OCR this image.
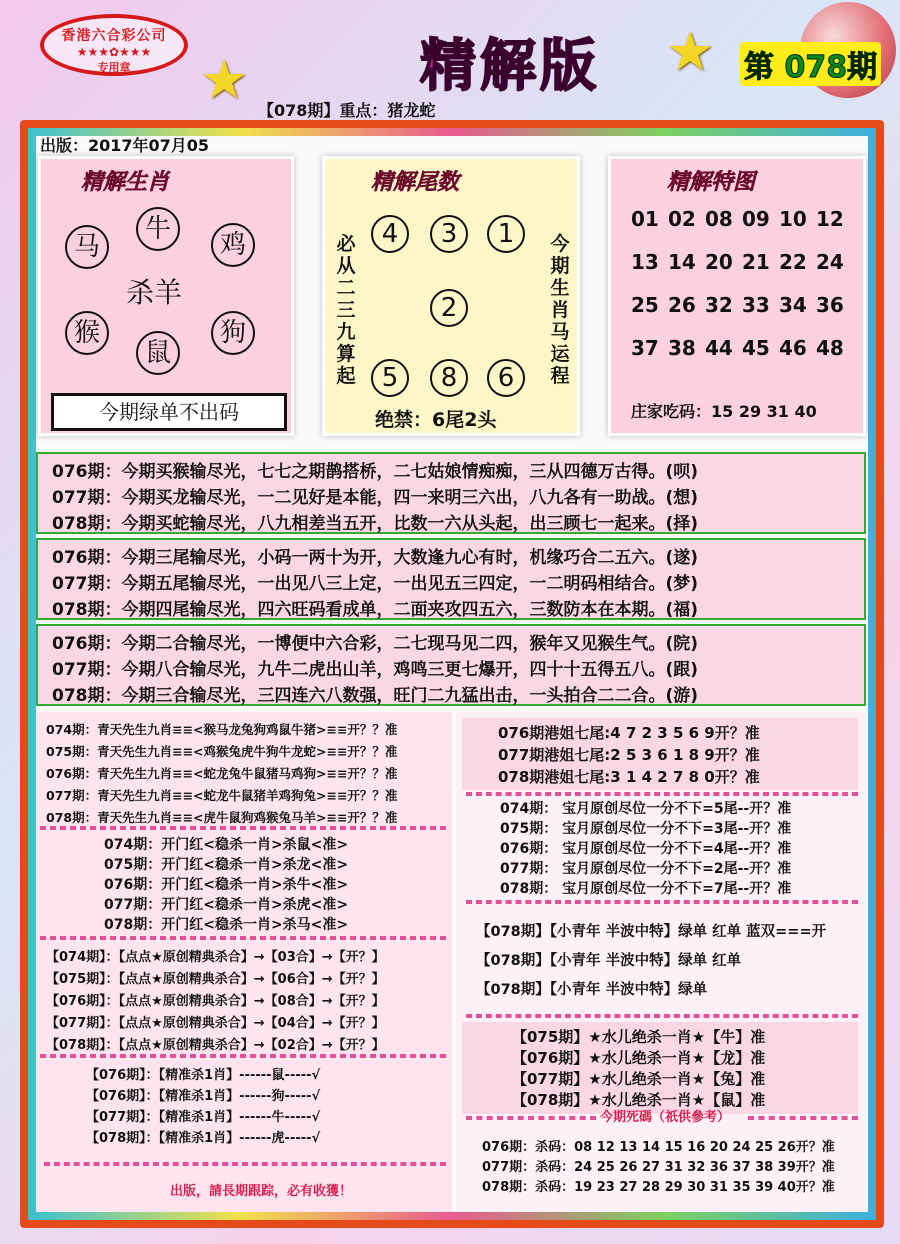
香港六合彩公司
★★★✿★★★
专用章	★	★
精解版	第 078期
【078期】重点：猪龙蛇
出版：2017年07月05
精解生肖
马
牛
鸡
猴
鼠
狗
杀羊
今期绿单不出码
精解尾数
必从二三九算起
今期生肖马运程
4	3	1
2
5	8	6
绝禁：6尾2头
精解特图
庄家吃码：15 29 31 40
01 02 08 09 10 12
13 14 20 21 22 24
25 26 32 33 34 36
37 38 44 45 46 48
076期：今期买猴输尽光，七七之期鹊搭桥，二七姑娘情痴痴，三从四德万古得。(呗)
077期：今期买龙输尽光，一二见好是本能，四一来明三六出，八九各有一助战。(想)
078期：今期买蛇输尽光，八九相差当五开，比数一六从头起，出三顾七一起来。(择)
076期：今期三尾输尽光，小码一两十为开，大数逢九心有时，机缘巧合二五六。(遂)
077期：今期五尾输尽光，一出见八三上定，一出见五三四定，一二明码相结合。(梦)
078期：今期四尾输尽光，四六旺码看成单，二面夹攻四五六，三数防本在本期。(福)
076期：今期二合输尽光，一博便中六合彩，二七现马见二四，猴年又见猴生气。(院)
077期：今期八合输尽光，九牛二虎出山羊，鸡鸣三更七爆开，四十十五得五八。(跟)
078期：今期三合输尽光，三四连六八数强，旺门二九猛出击，一头拍合二二合。(游)
074期：青天先生九肖≡≡<猴马龙兔狗鸡鼠牛猪>≡≡开？？准
075期：青天先生九肖≡≡<鸡猴兔虎牛狗牛龙蛇>≡≡开？？准
076期：青天先生九肖≡≡<蛇龙兔牛鼠猪马鸡狗>≡≡开？？准
077期：青天先生九肖≡≡<蛇龙牛鼠猪羊鸡狗兔>≡≡开？？准
078期：青天先生九肖≡≡<虎牛鼠狗鸡猴兔马羊>≡≡开？？准
074期：开门红<稳杀一肖>杀鼠<准>
075期：开门红<稳杀一肖>杀龙<准>
076期：开门红<稳杀一肖>杀牛<准>
077期：开门红<稳杀一肖>杀虎<准>
078期：开门红<稳杀一肖>杀马<准>
【074期】：【点点★原创精典杀合】→【03合】→【开？】
【075期】：【点点★原创精典杀合】→【06合】→【开？】
【076期】：【点点★原创精典杀合】→【08合】→【开？】
【077期】：【点点★原创精典杀合】→【04合】→【开？】
【078期】：【点点★原创精典杀合】→【02合】→【开？】
【076期】：【精准杀1肖】------鼠-----√
【076期】：【精准杀1肖】------狗-----√
【077期】：【精准杀1肖】------牛-----√
【078期】：【精准杀1肖】------虎-----√
076期港姐七尾:4 7 2 3 5 6 9开？准
077期港姐七尾:2 5 3 6 1 8 9开？准
078期港姐七尾:3 1 4 2 7 8 0开？准
074期： 宝月原创尽位一分不下=5尾--开？准
075期： 宝月原创尽位一分不下=3尾--开？准
076期： 宝月原创尽位一分不下=4尾--开？准
077期： 宝月原创尽位一分不下=2尾--开？准
078期： 宝月原创尽位一分不下=7尾--开？准
【078期】【小青年 半波中特】绿单 红单 蓝双===开
【078期】【小青年 半波中特】绿单 红单
【078期】【小青年 半波中特】绿单
【075期】★水儿绝杀一肖★【牛】准
【076期】★水儿绝杀一肖★【龙】准
【077期】★水儿绝杀一肖★【兔】准
【078期】★水儿绝杀一肖★【鼠】准
076期：杀码：08 12 13 14 15 16 20 24 25 26开？准
077期：杀码：24 25 26 27 31 32 36 37 38 39开？准
078期：杀码：19 23 27 28 29 30 31 35 39 40开？准
今期死碼（祇供參考）
出版，請長期跟踪，必有收獲！
